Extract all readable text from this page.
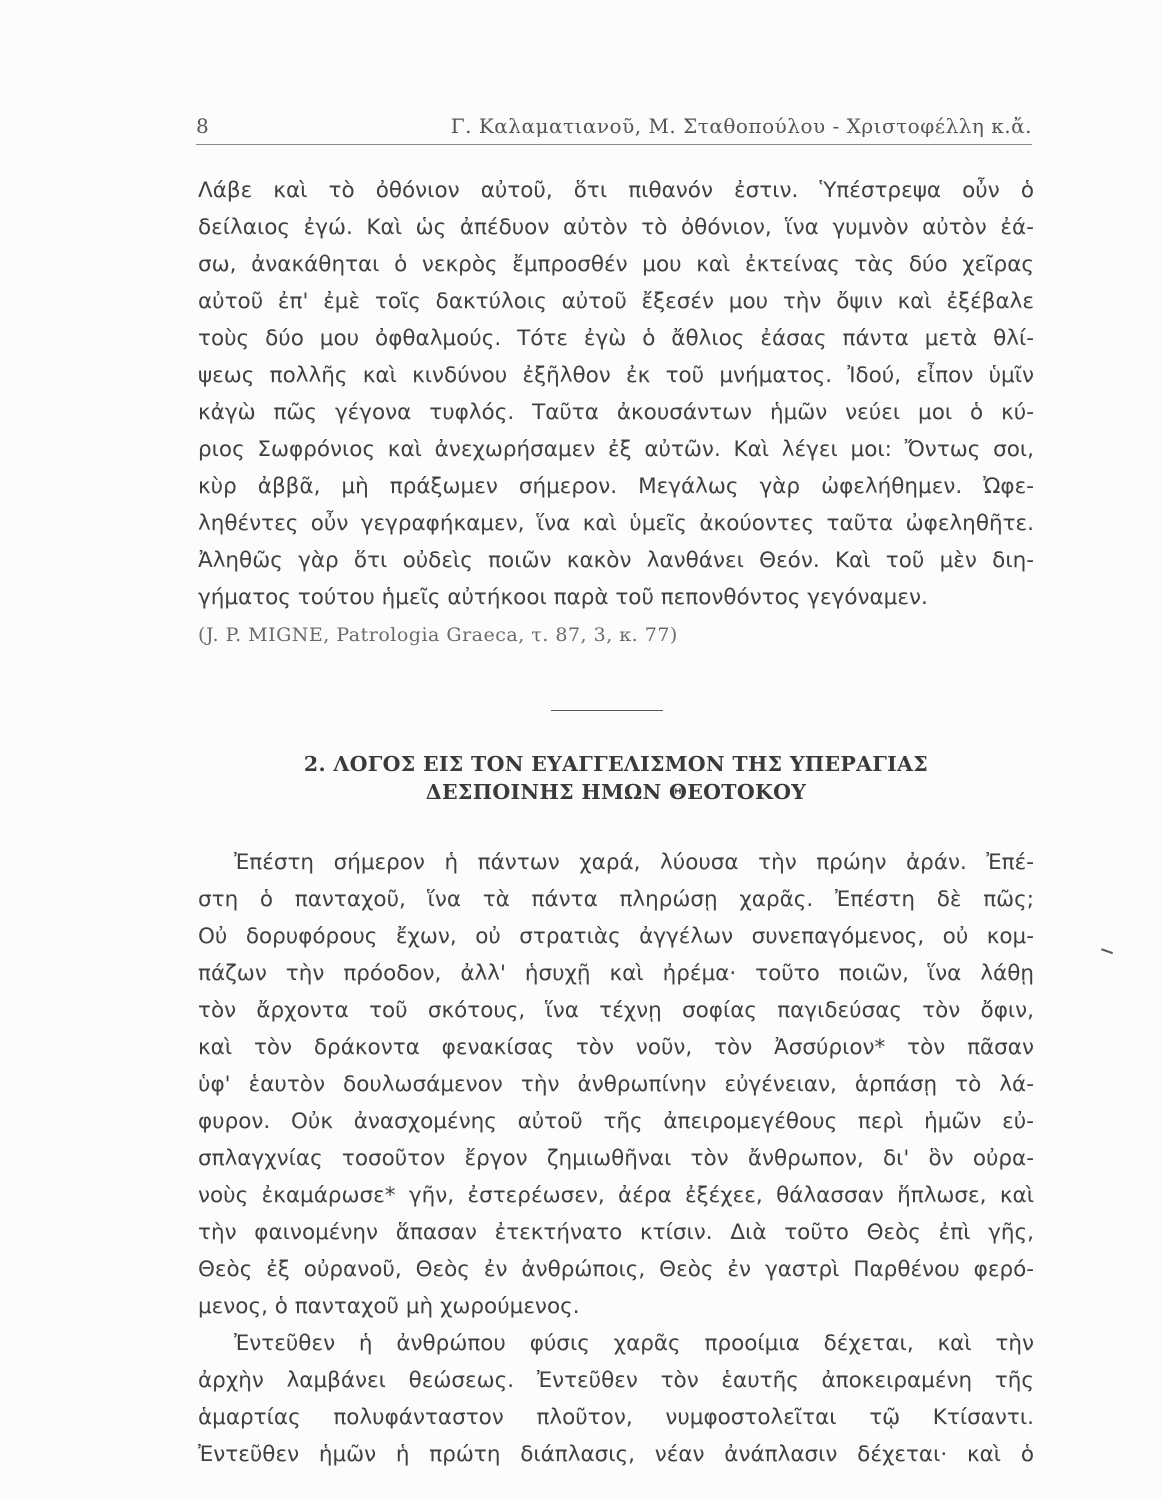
8	Γ. Καλαματιανοῦ, Μ. Σταθοπούλου - Χριστοφέλλη κ.ἄ.
Λάβε καὶ τὸ ὀθόνιον αὐτοῦ, ὅτι πιθανόν ἐστιν. Ὑπέστρεψα οὖν ὁ
δείλαιος ἐγώ. Καὶ ὡς ἀπέδυον αὐτὸν τὸ ὀθόνιον, ἵνα γυμνὸν αὐτὸν ἐά-
σω, ἀνακάθηται ὁ νεκρὸς ἔμπροσθέν μου καὶ ἐκτείνας τὰς δύο χεῖρας
αὐτοῦ ἐπ' ἐμὲ τοῖς δακτύλοις αὐτοῦ ἔξεσέν μου τὴν ὄψιν καὶ ἐξέβαλε
τοὺς δύο μου ὀφθαλμούς. Τότε ἐγὼ ὁ ἄθλιος ἐάσας πάντα μετὰ θλί-
ψεως πολλῆς καὶ κινδύνου ἐξῆλθον ἐκ τοῦ μνήματος. Ἰδού, εἶπον ὑμῖν
κἀγὼ πῶς γέγονα τυφλός. Ταῦτα ἀκουσάντων ἡμῶν νεύει μοι ὁ κύ-
ριος Σωφρόνιος καὶ ἀνεχωρήσαμεν ἐξ αὐτῶν. Καὶ λέγει μοι: Ὄντως σοι,
κὺρ ἀββᾶ, μὴ πράξωμεν σήμερον. Μεγάλως γὰρ ὠφελήθημεν. Ὠφε-
ληθέντες οὖν γεγραφήκαμεν, ἵνα καὶ ὑμεῖς ἀκούοντες ταῦτα ὠφεληθῆτε.
Ἀληθῶς γὰρ ὅτι οὐδεὶς ποιῶν κακὸν λανθάνει Θεόν. Καὶ τοῦ μὲν διη-
γήματος τούτου ἡμεῖς αὐτήκοοι παρὰ τοῦ πεπονθόντος γεγόναμεν.
(J. P. MIGNE, Patrologia Graeca, τ. 87, 3, κ. 77)
2. ΛΟΓΟΣ ΕΙΣ ΤΟΝ ΕΥΑΓΓΕΛΙΣΜΟΝ ΤΗΣ ΥΠΕΡΑΓΙΑΣ
ΔΕΣΠΟΙΝΗΣ ΗΜΩΝ ΘΕΟΤΟΚΟΥ
Ἐπέστη σήμερον ἡ πάντων χαρά, λύουσα τὴν πρώην ἀράν. Ἐπέ-
στη ὁ πανταχοῦ, ἵνα τὰ πάντα πληρώσῃ χαρᾶς. Ἐπέστη δὲ πῶς;
Οὐ δορυφόρους ἔχων, οὐ στρατιὰς ἀγγέλων συνεπαγόμενος, οὐ κομ-
πάζων τὴν πρόοδον, ἀλλ' ἡσυχῇ καὶ ἠρέμα· τοῦτο ποιῶν, ἵνα λάθῃ
τὸν ἄρχοντα τοῦ σκότους, ἵνα τέχνῃ σοφίας παγιδεύσας τὸν ὄφιν,
καὶ τὸν δράκοντα φενακίσας τὸν νοῦν, τὸν Ἀσσύριον* τὸν πᾶσαν
ὑφ' ἑαυτὸν δουλωσάμενον τὴν ἀνθρωπίνην εὐγένειαν, ἁρπάσῃ τὸ λά-
φυρον. Οὐκ ἀνασχομένης αὐτοῦ τῆς ἀπειρομεγέθους περὶ ἡμῶν εὐ-
σπλαγχνίας τοσοῦτον ἔργον ζημιωθῆναι τὸν ἄνθρωπον, δι' ὃν οὐρα-
νοὺς ἐκαμάρωσε* γῆν, ἐστερέωσεν, ἀέρα ἐξέχεε, θάλασσαν ἥπλωσε, καὶ
τὴν φαινομένην ἅπασαν ἐτεκτήνατο κτίσιν. Διὰ τοῦτο Θεὸς ἐπὶ γῆς,
Θεὸς ἐξ οὐρανοῦ, Θεὸς ἐν ἀνθρώποις, Θεὸς ἐν γαστρὶ Παρθένου φερό-
μενος, ὁ πανταχοῦ μὴ χωρούμενος.
Ἐντεῦθεν ἡ ἀνθρώπου φύσις χαρᾶς προοίμια δέχεται, καὶ τὴν
ἀρχὴν λαμβάνει θεώσεως. Ἐντεῦθεν τὸν ἑαυτῆς ἀποκειραμένη τῆς
ἁμαρτίας πολυφάνταστον πλοῦτον, νυμφοστολεῖται τῷ Κτίσαντι.
Ἐντεῦθεν ἡμῶν ἡ πρώτη διάπλασις, νέαν ἀνάπλασιν δέχεται· καὶ ὁ
